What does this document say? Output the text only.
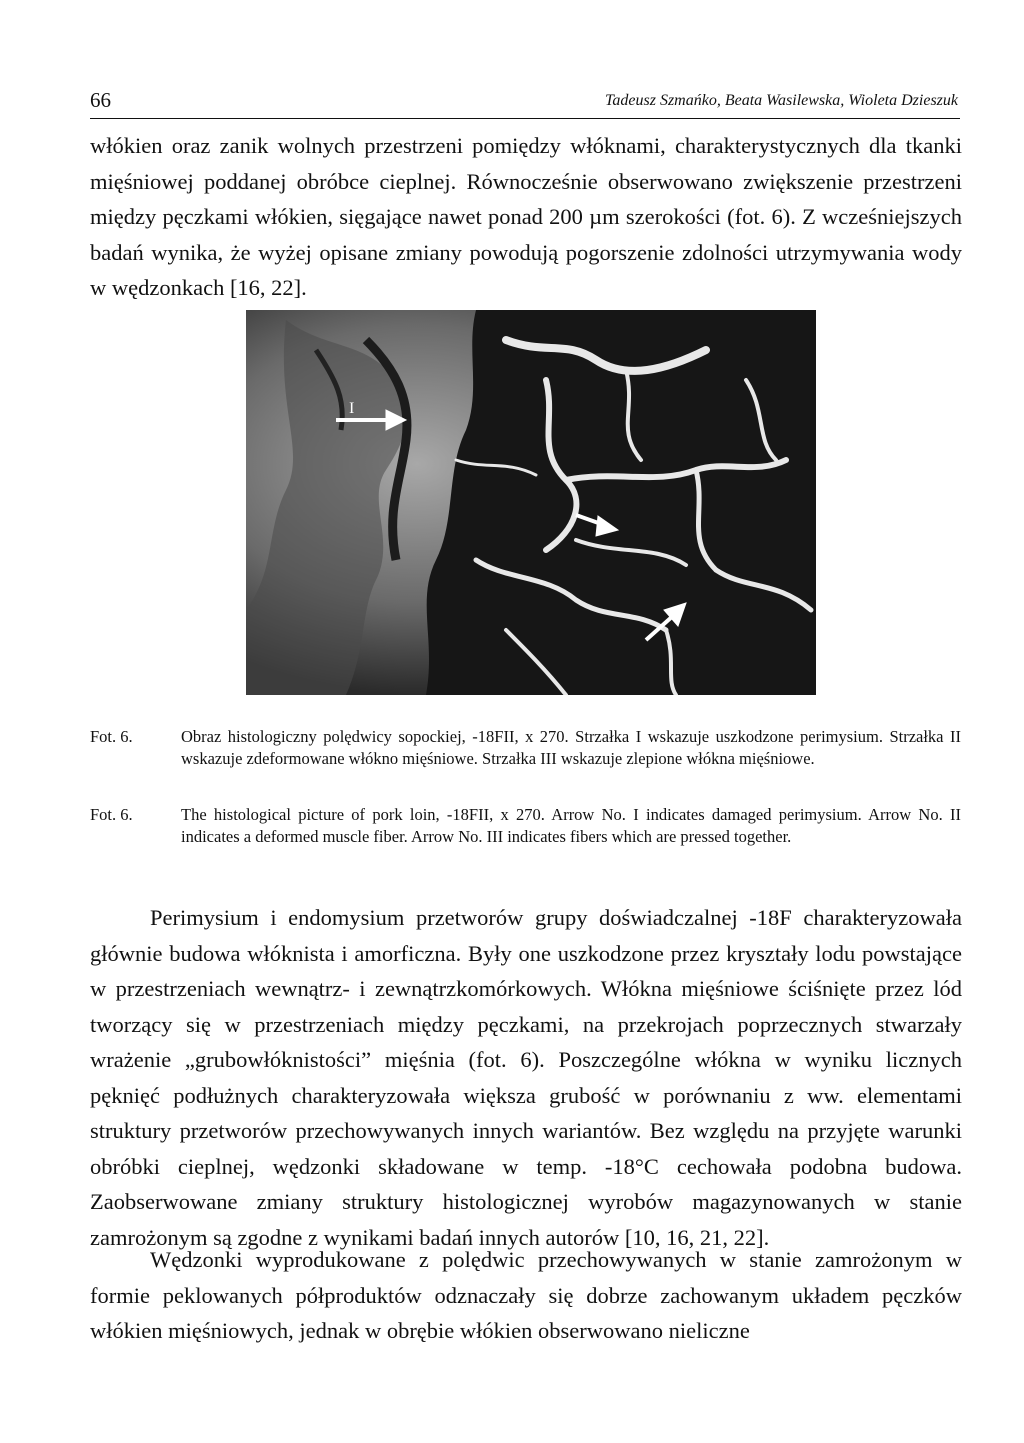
66	Tadeusz Szmańko, Beata Wasilewska, Wioleta Dzieszuk

włókien oraz zanik wolnych przestrzeni pomiędzy włóknami, charakterystycznych dla tkanki mięśniowej poddanej obróbce cieplnej. Równocześnie obserwowano zwiększenie przestrzeni między pęczkami włókien, sięgające nawet ponad 200 µm szerokości (fot. 6). Z wcześniejszych badań wynika, że wyżej opisane zmiany powodują pogorszenie zdolności utrzymywania wody w wędzonkach [16, 22].

I
Fot. 6.	Obraz histologiczny polędwicy sopockiej, -18FII, x 270. Strzałka I wskazuje uszkodzone perimysium. Strzałka II wskazuje zdeformowane włókno mięśniowe. Strzałka III wskazuje zlepione włókna mięśniowe.
Fot. 6.	The histological picture of pork loin, -18FII, x 270. Arrow No. I indicates damaged perimysium. Arrow No. II indicates a deformed muscle fiber. Arrow No. III indicates fibers which are pressed together.

Perimysium i endomysium przetworów grupy doświadczalnej -18F charakteryzowała głównie budowa włóknista i amorficzna. Były one uszkodzone przez kryształy lodu powstające w przestrzeniach wewnątrz- i zewnątrzkomórkowych. Włókna mięśniowe ściśnięte przez lód tworzący się w przestrzeniach między pęczkami, na przekrojach poprzecznych stwarzały wrażenie „grubowłóknistości” mięśnia (fot. 6). Poszczególne włókna w wyniku licznych pęknięć podłużnych charakteryzowała większa grubość w porównaniu z ww. elementami struktury przetworów przechowywanych innych wariantów. Bez względu na przyjęte warunki obróbki cieplnej, wędzonki składowane w temp. -18°C cechowała podobna budowa. Zaobserwowane zmiany struktury histologicznej wyrobów magazynowanych w stanie zamrożonym są zgodne z wynikami badań innych autorów [10, 16, 21, 22].

Wędzonki wyprodukowane z polędwic przechowywanych w stanie zamrożonym w formie peklowanych półproduktów odznaczały się dobrze zachowanym układem pęczków włókien mięśniowych, jednak w obrębie włókien obserwowano nieliczne
